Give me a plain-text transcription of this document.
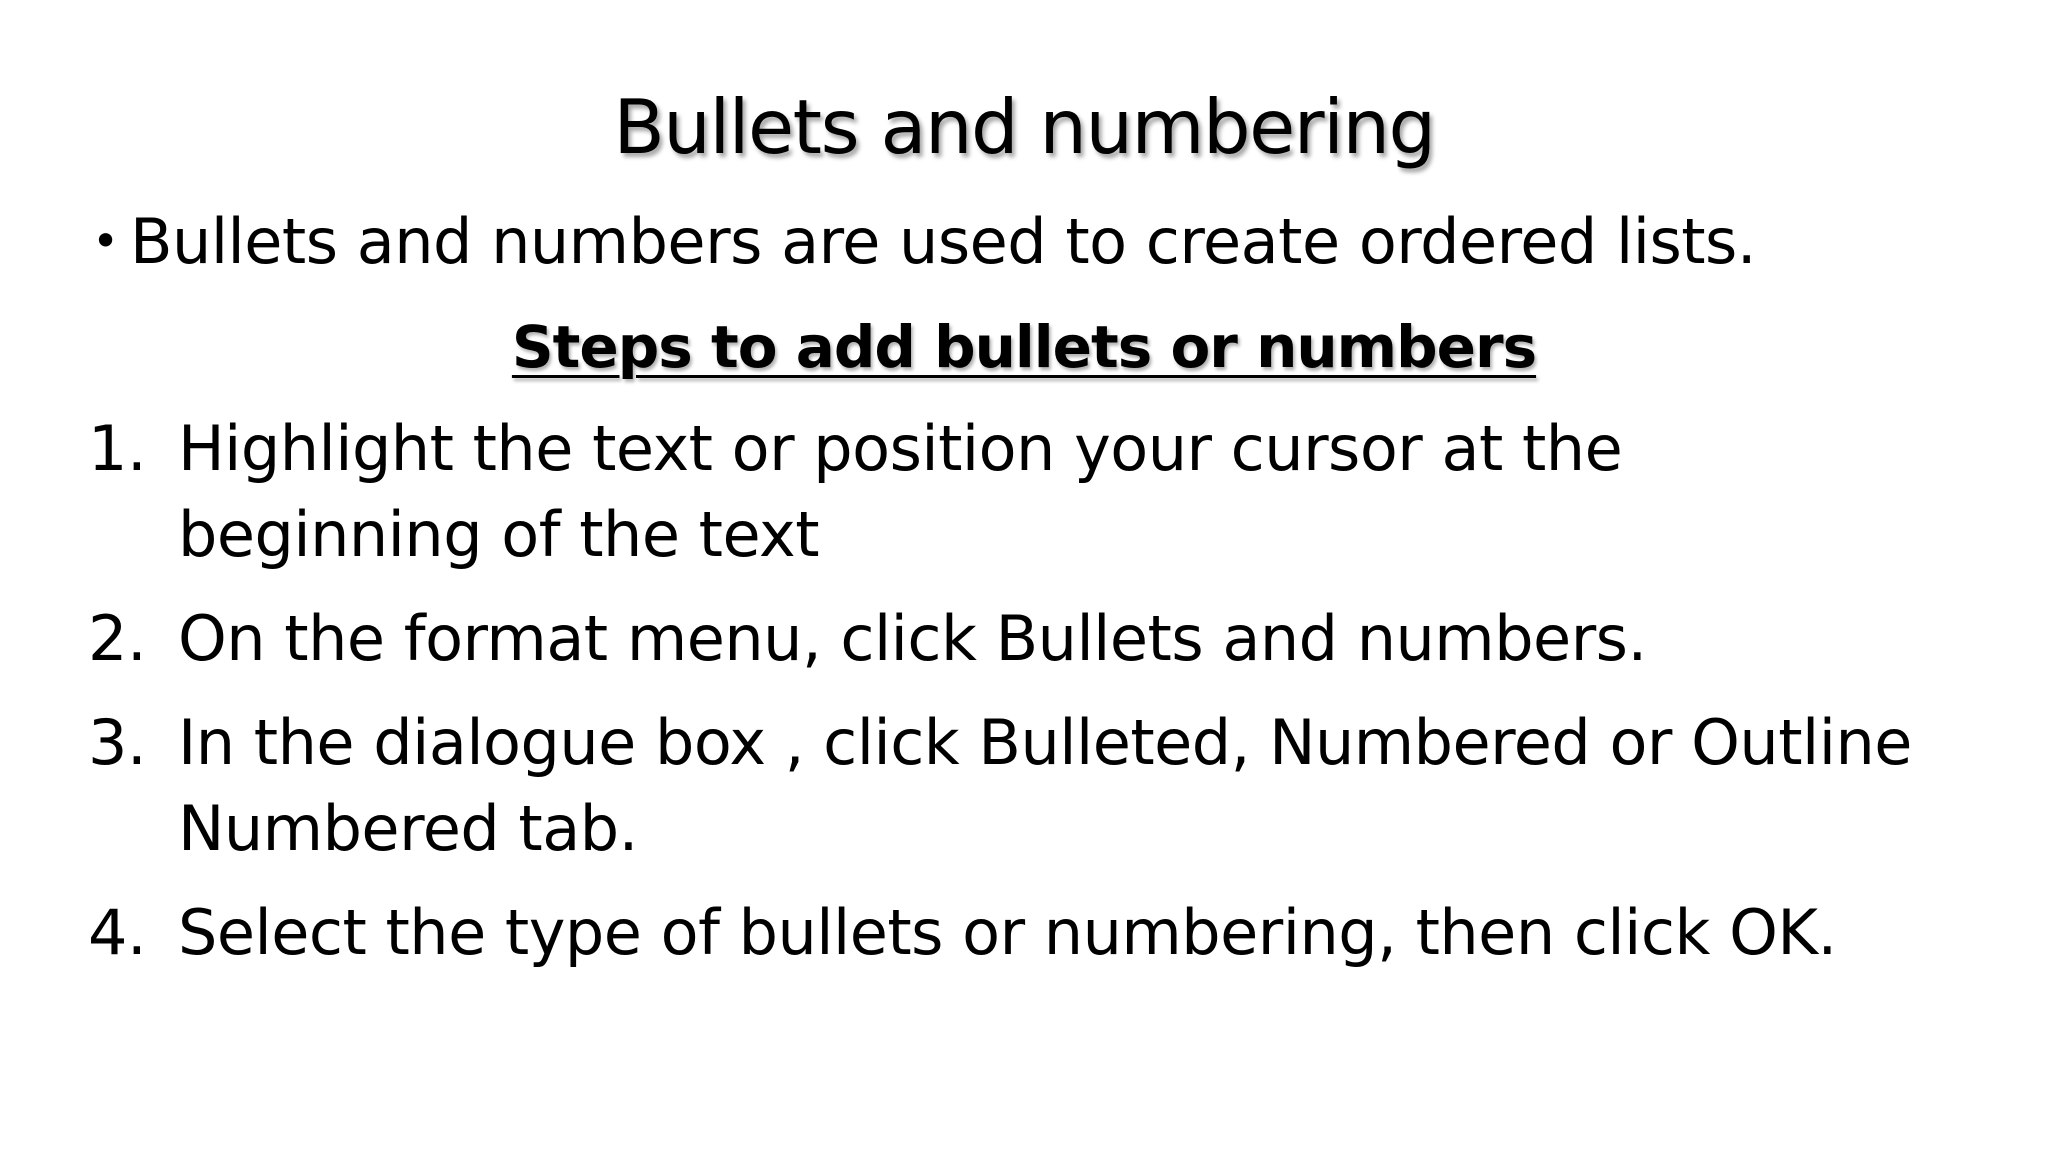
Bullets and numbering
• Bullets and numbers are used to create ordered lists.
Steps to add bullets or numbers
1. Highlight the text or position your cursor at the
beginning of the text
2. On the format menu, click Bullets and numbers.
3. In the dialogue box , click Bulleted, Numbered or Outline
Numbered tab.
4. Select the type of bullets or numbering, then click OK.
